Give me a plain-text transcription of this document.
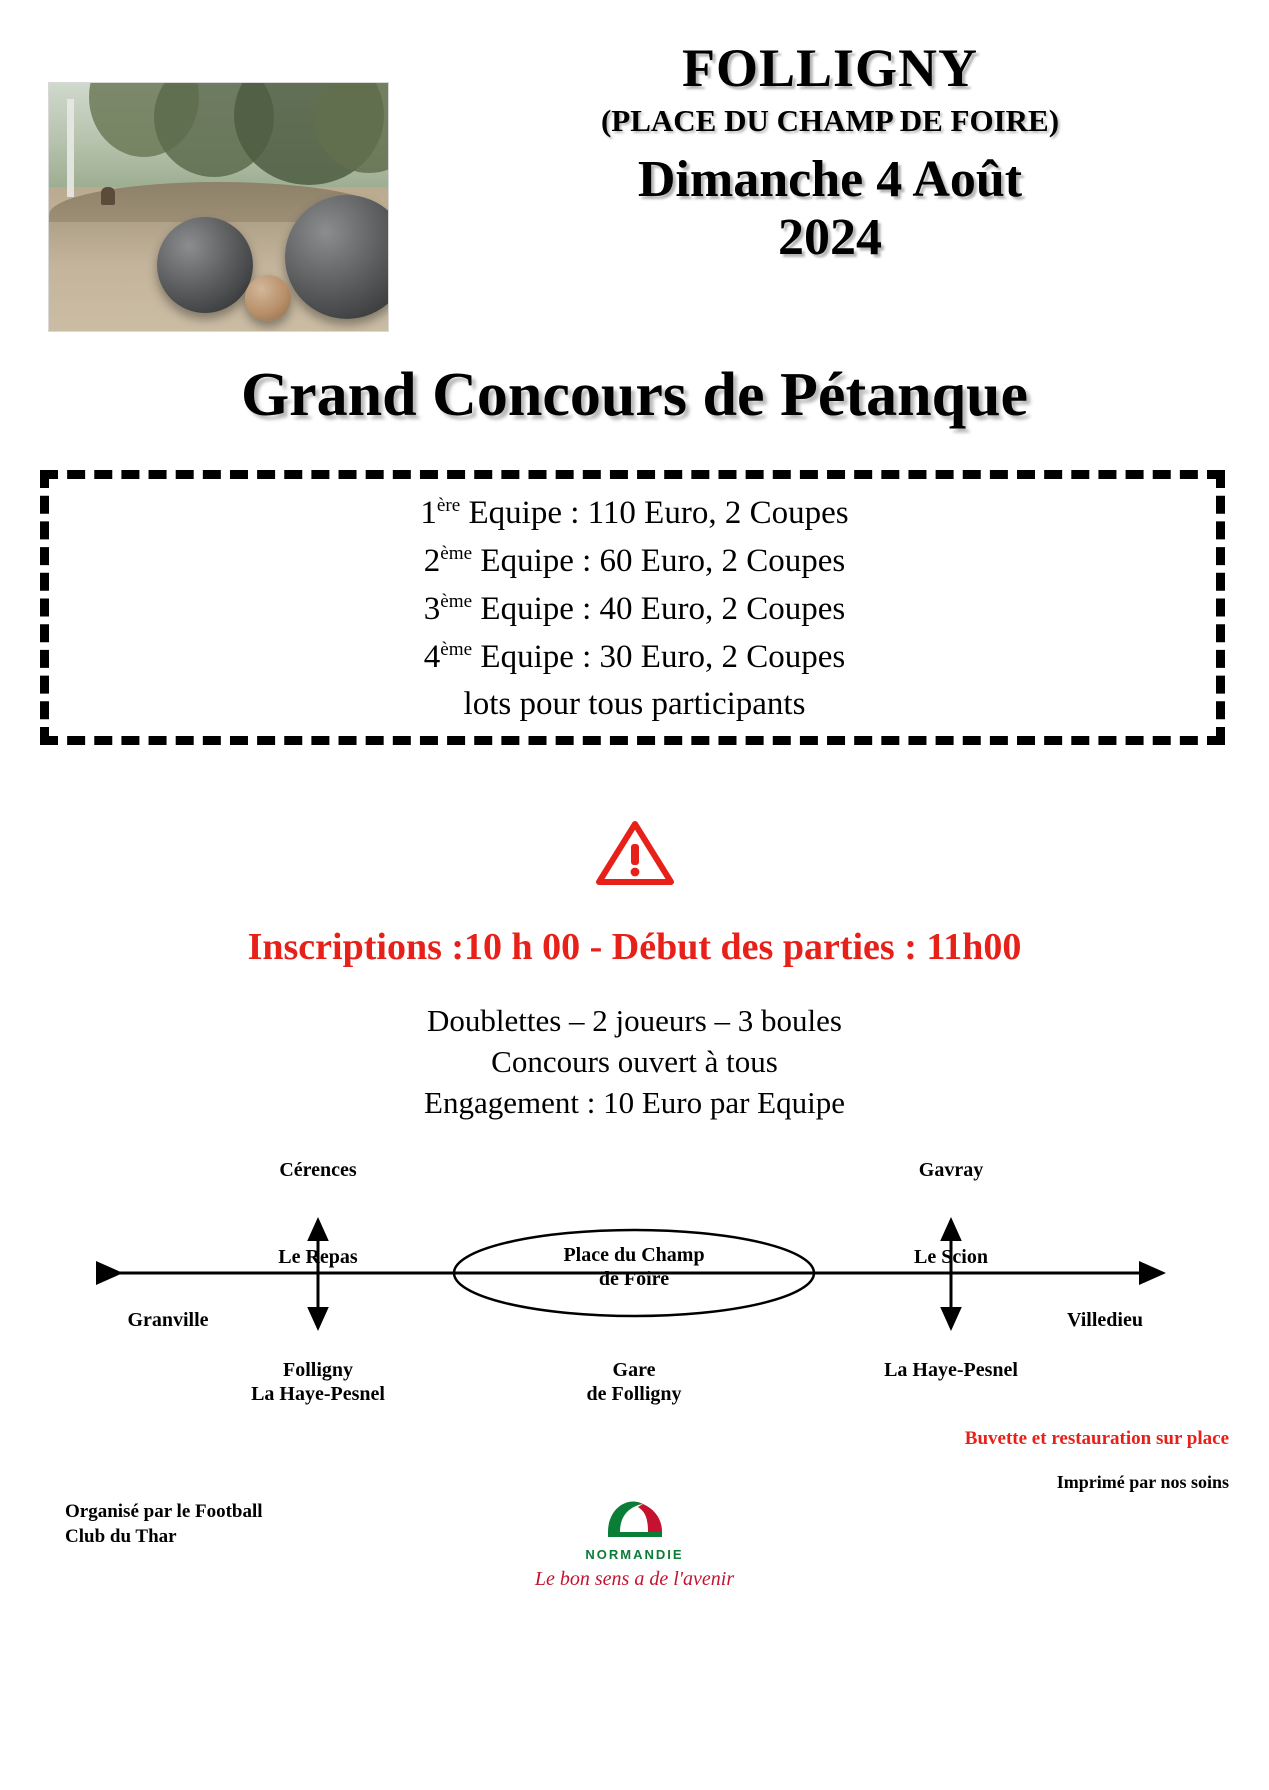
FOLLIGNY
(PLACE DU CHAMP DE FOIRE)
Dimanche 4 Août
2024
Grand Concours de Pétanque
1ère Equipe : 110 Euro, 2 Coupes
2ème Equipe : 60 Euro, 2 Coupes
3ème Equipe : 40 Euro, 2 Coupes
4ème Equipe : 30 Euro, 2 Coupes
lots pour tous participants
Inscriptions :10 h 00 - Début des parties : 11h00
Doublettes – 2 joueurs – 3 boules
Concours ouvert à tous
Engagement : 10 Euro par Equipe
Cérences	Gavray
Le Repas	Le Scion
Place du Champ
de Foire
Granville	Villedieu
Folligny
La Haye-Pesnel
Gare
de Folligny
La Haye-Pesnel
Buvette et restauration sur place
Imprimé par nos soins
Organisé par le Football
Club du Thar
NORMANDIE
Le bon sens a de l'avenir
